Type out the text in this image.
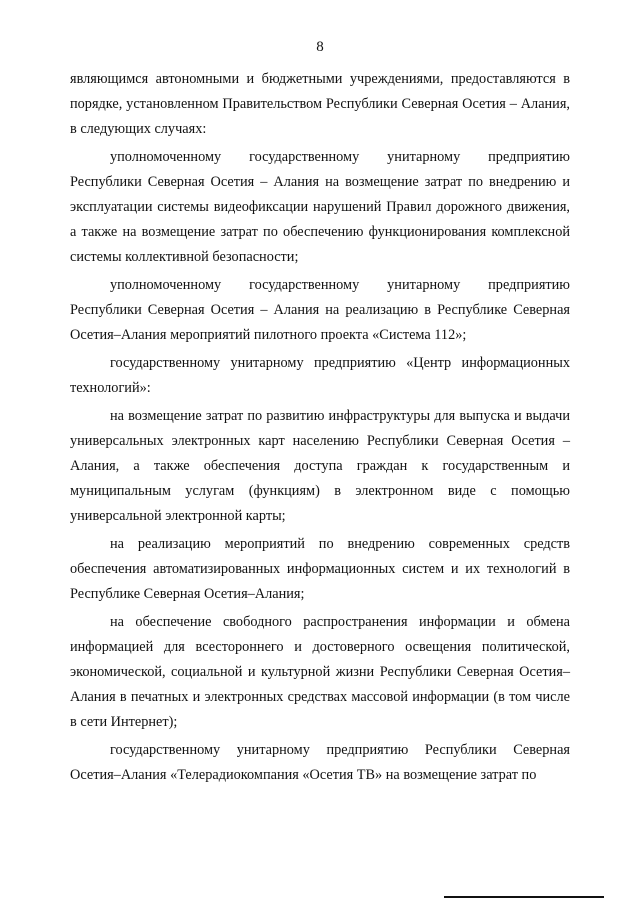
8

являющимся автономными и бюджетными учреждениями, предоставляются в порядке, установленном Правительством Республики Северная Осетия – Алания, в следующих случаях:

уполномоченному государственному унитарному предприятию Республики Северная Осетия – Алания на возмещение затрат по внедрению и эксплуатации системы видеофиксации нарушений Правил дорожного движения, а также на возмещение затрат по обеспечению функционирования комплексной системы коллективной безопасности;

уполномоченному государственному унитарному предприятию Республики Северная Осетия – Алания на реализацию в Республике Северная Осетия–Алания мероприятий пилотного проекта «Система 112»;

государственному унитарному предприятию «Центр информационных технологий»:

на возмещение затрат по развитию инфраструктуры для выпуска и выдачи универсальных электронных карт населению Республики Северная Осетия – Алания, а также обеспечения доступа граждан к государственным и муниципальным услугам (функциям) в электронном виде с помощью универсальной электронной карты;

на реализацию мероприятий по внедрению современных средств обеспечения автоматизированных информационных систем и их технологий в Республике Северная Осетия–Алания;

на обеспечение свободного распространения информации и обмена информацией для всестороннего и достоверного освещения политической, экономической, социальной и культурной жизни Республики Северная Осетия–Алания в печатных и электронных средствах массовой информации (в том числе в сети Интернет);

государственному унитарному предприятию Республики Северная Осетия–Алания «Телерадиокомпания «Осетия ТВ» на возмещение затрат по
